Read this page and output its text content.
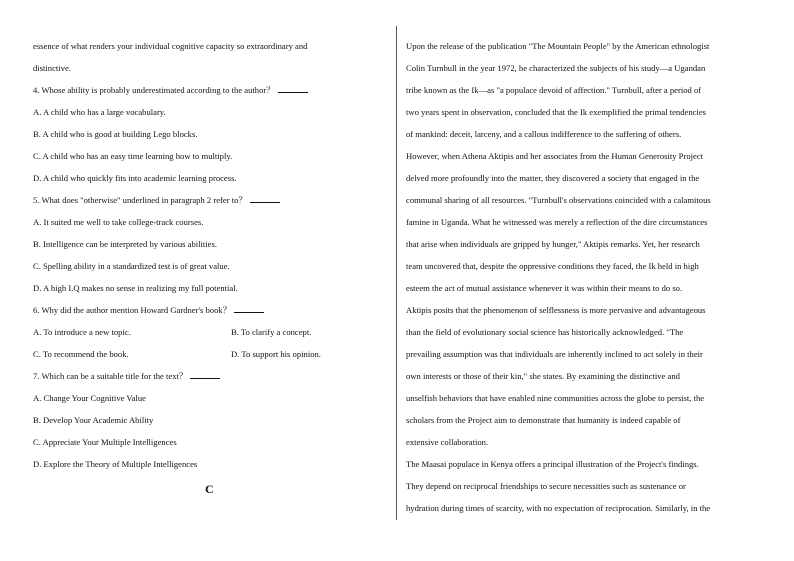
essence of what renders your individual cognitive capacity so extraordinary and
distinctive.
4. Whose ability is probably underestimated according to the author？
A. A child who has a large vocabulary.
B. A child who is good at building Lego blocks.
C. A child who has an easy time learning how to multiply.
D. A child who quickly fits into academic learning process.
5. What does "otherwise" underlined in paragraph 2 refer to？
A. It suited me well to take college-track courses.
B. Intelligence can be interpreted by various abilities.
C. Spelling ability in a standardized test is of great value.
D. A high I.Q makes no sense in realizing my full potential.
6. Why did the author mention Howard Gardner's book？
A. To introduce a new topic.	B. To clarify a concept.
C. To recommend the book.	D. To support his opinion.
7. Which can be a suitable title for the text？
A. Change Your Cognitive Value
B. Develop Your Academic Ability
C. Appreciate Your Multiple Intelligences
D. Explore the Theory of Multiple Intelligences
C
Upon the release of the publication "The Mountain People" by the American ethnologist
Colin Turnbull in the year 1972, he characterized the subjects of his study—a Ugandan
tribe known as the Ik—as "a populace devoid of affection." Turnbull, after a period of
two years spent in observation, concluded that the Ik exemplified the primal tendencies
of mankind: deceit, larceny, and a callous indifference to the suffering of others.
However, when Athena Aktipis and her associates from the Human Generosity Project
delved more profoundly into the matter, they discovered a society that engaged in the
communal sharing of all resources. "Turnbull's observations coincided with a calamitous
famine in Uganda. What he witnessed was merely a reflection of the dire circumstances
that arise when individuals are gripped by hunger," Aktipis remarks. Yet, her research
team uncovered that, despite the oppressive conditions they faced, the Ik held in high
esteem the act of mutual assistance whenever it was within their means to do so.
Aktipis posits that the phenomenon of selflessness is more pervasive and advantageous
than the field of evolutionary social science has historically acknowledged. "The
prevailing assumption was that individuals are inherently inclined to act solely in their
own interests or those of their kin," she states. By examining the distinctive and
unselfish behaviors that have enabled nine communities across the globe to persist, the
scholars from the Project aim to demonstrate that humanity is indeed capable of
extensive collaboration.
The Maasai populace in Kenya offers a principal illustration of the Project's findings.
They depend on reciprocal friendships to secure necessities such as sustenance or
hydration during times of scarcity, with no expectation of reciprocation. Similarly, in the
